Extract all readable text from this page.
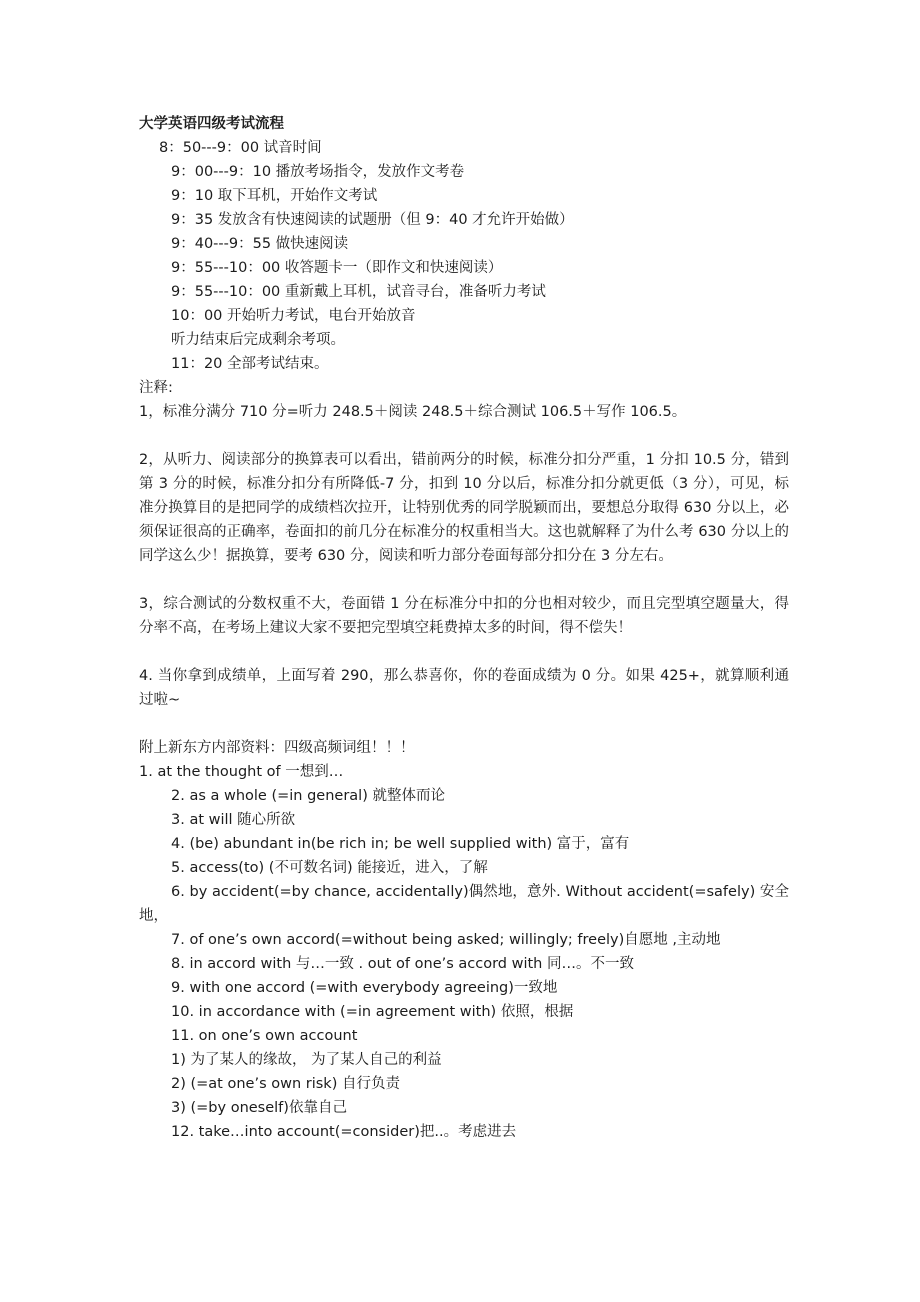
大学英语四级考试流程

8：50---9：00 试音时间

9：00---9：10 播放考场指令，发放作文考卷

9：10 取下耳机，开始作文考试

9：35 发放含有快速阅读的试题册（但 9：40 才允许开始做）

9：40---9：55 做快速阅读

9：55---10：00 收答题卡一（即作文和快速阅读）

9：55---10：00 重新戴上耳机，试音寻台，准备听力考试

10：00 开始听力考试，电台开始放音

听力结束后完成剩余考项。

11：20 全部考试结束。

注释:

1，标准分满分 710 分=听力 248.5＋阅读 248.5＋综合测试 106.5＋写作 106.5。

2，从听力、阅读部分的换算表可以看出，错前两分的时候，标准分扣分严重，1 分扣 10.5 分，错到第 3 分的时候，标准分扣分有所降低-7 分，扣到 10 分以后，标准分扣分就更低（3 分），可见，标准分换算目的是把同学的成绩档次拉开，让特别优秀的同学脱颖而出，要想总分取得 630 分以上，必须保证很高的正确率，卷面扣的前几分在标准分的权重相当大。这也就解释了为什么考 630 分以上的同学这么少！据换算，要考 630 分，阅读和听力部分卷面每部分扣分在 3 分左右。

3，综合测试的分数权重不大，卷面错 1 分在标准分中扣的分也相对较少，而且完型填空题量大，得分率不高，在考场上建议大家不要把完型填空耗费掉太多的时间，得不偿失！

4. 当你拿到成绩单，上面写着 290，那么恭喜你，你的卷面成绩为 0 分。如果 425+，就算顺利通过啦~

附上新东方内部资料：四级高频词组！！！

1. at the thought of 一想到…

2. as a whole (=in general) 就整体而论

3. at will 随心所欲

4. (be) abundant in(be rich in; be well supplied with) 富于，富有

5. access(to) (不可数名词) 能接近，进入，了解

6. by accident(=by chance, accidentally)偶然地，意外. Without accident(=safely) 安全地，

7. of one’s own accord(=without being asked; willingly; freely)自愿地 ,主动地

8. in accord with 与…一致 . out of one’s accord with 同…。不一致

9. with one accord (=with everybody agreeing)一致地

10. in accordance with (=in agreement with) 依照，根据

11. on one’s own account

1) 为了某人的缘故， 为了某人自己的利益

2) (=at one’s own risk) 自行负责

3) (=by oneself)依靠自己

12. take…into account(=consider)把..。考虑进去
